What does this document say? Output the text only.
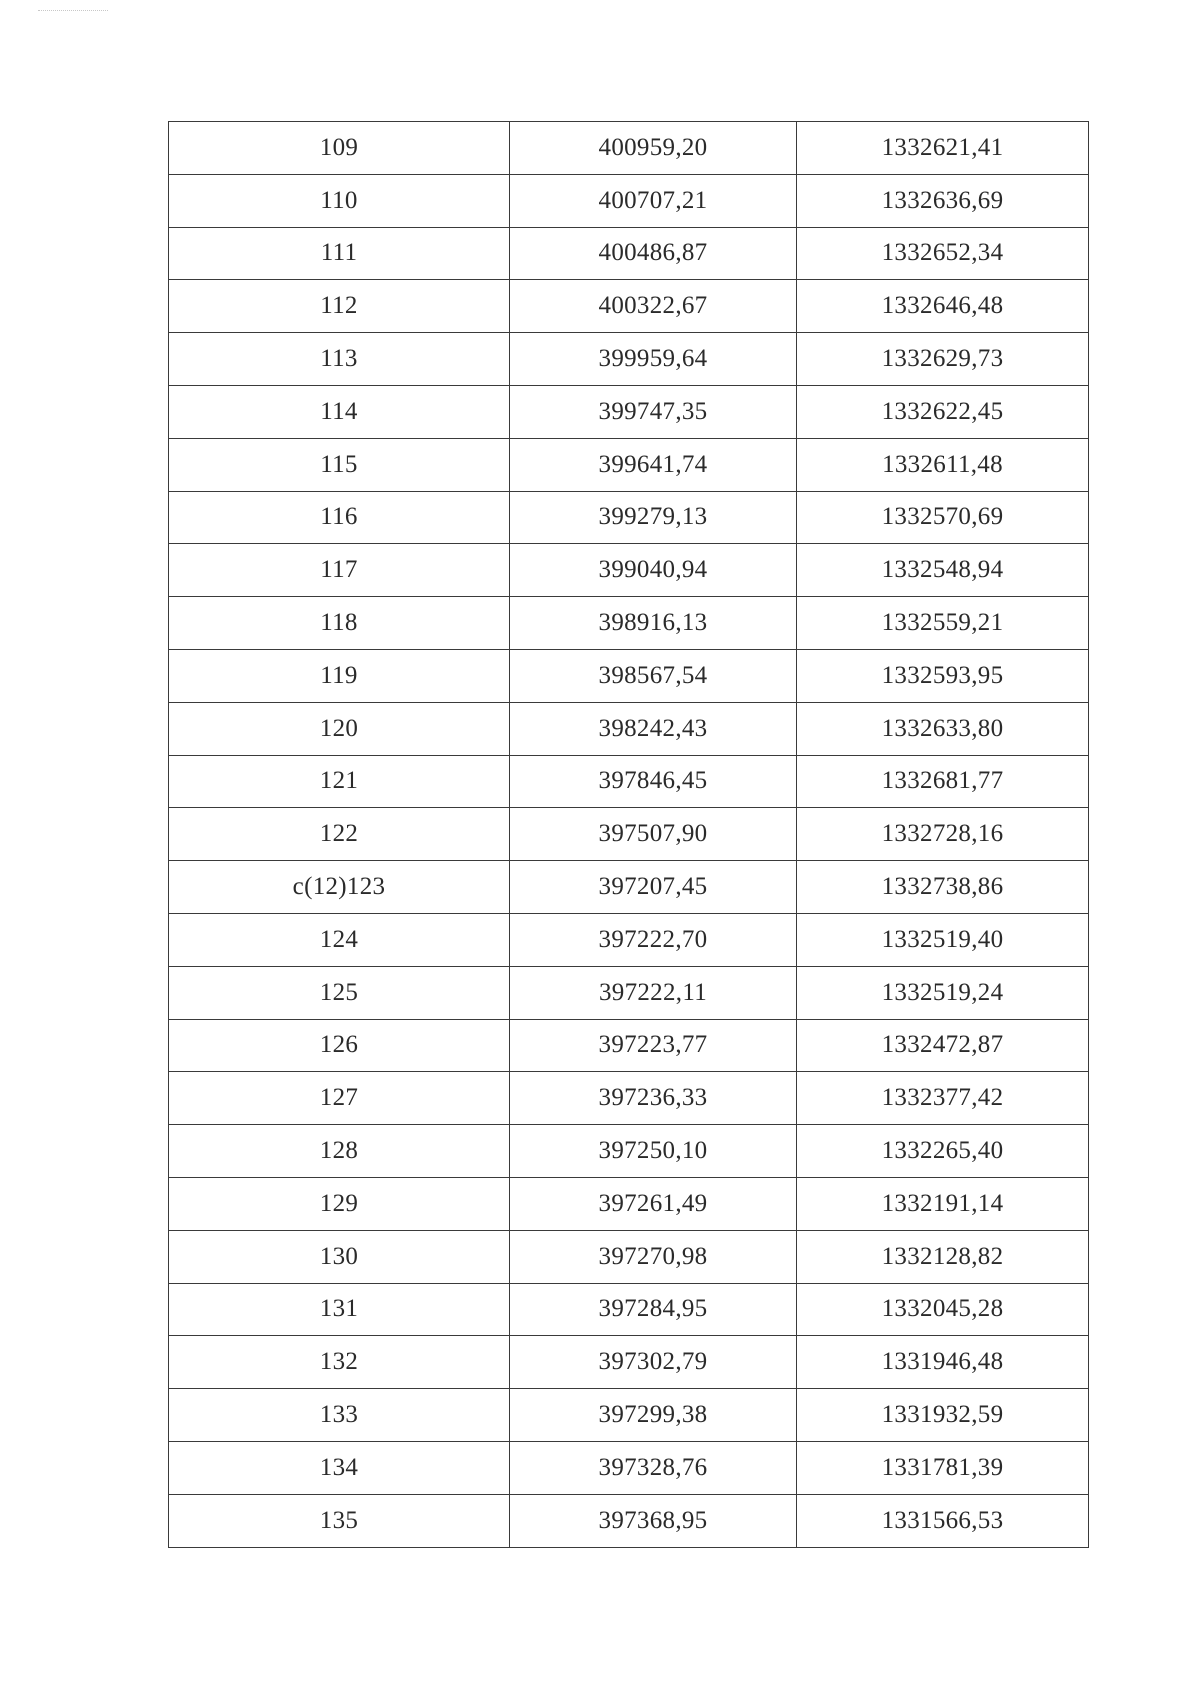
109	400959,20	1332621,41
110	400707,21	1332636,69
111	400486,87	1332652,34
112	400322,67	1332646,48
113	399959,64	1332629,73
114	399747,35	1332622,45
115	399641,74	1332611,48
116	399279,13	1332570,69
117	399040,94	1332548,94
118	398916,13	1332559,21
119	398567,54	1332593,95
120	398242,43	1332633,80
121	397846,45	1332681,77
122	397507,90	1332728,16
c(12)123	397207,45	1332738,86
124	397222,70	1332519,40
125	397222,11	1332519,24
126	397223,77	1332472,87
127	397236,33	1332377,42
128	397250,10	1332265,40
129	397261,49	1332191,14
130	397270,98	1332128,82
131	397284,95	1332045,28
132	397302,79	1331946,48
133	397299,38	1331932,59
134	397328,76	1331781,39
135	397368,95	1331566,53
